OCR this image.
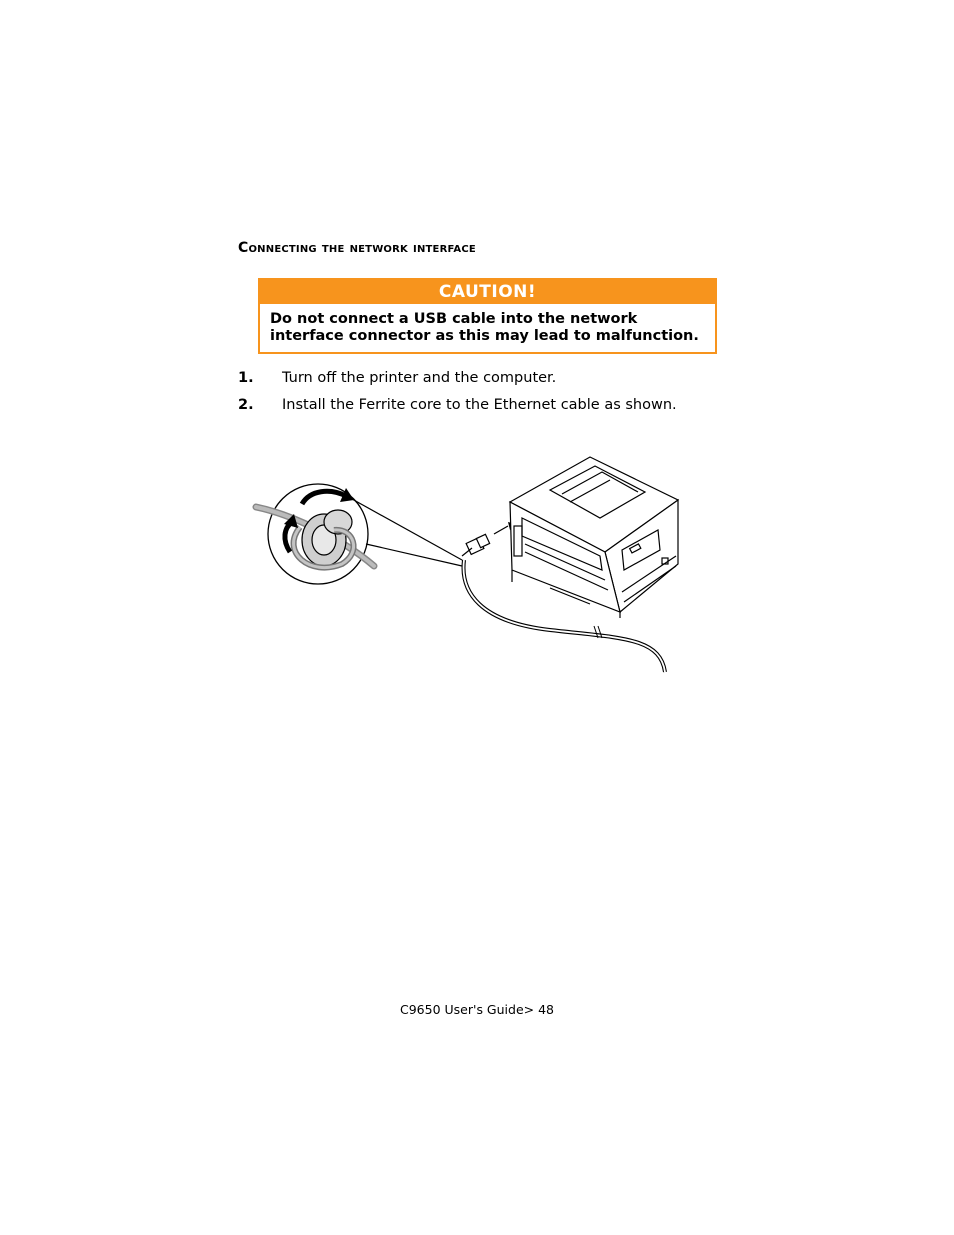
Connecting the network interface
CAUTION!
Do not connect a USB cable into the network interface connector as this may lead to malfunction.
1. Turn off the printer and the computer.
2. Install the Ferrite core to the Ethernet cable as shown.
C9650 User's Guide> 48
